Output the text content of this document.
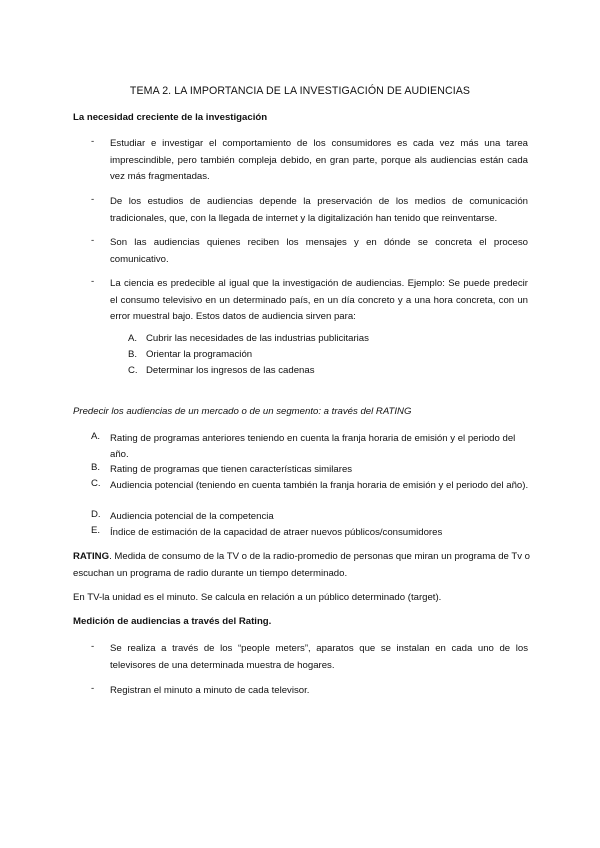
TEMA 2. LA IMPORTANCIA DE LA INVESTIGACIÓN DE AUDIENCIAS
La necesidad creciente de la investigación
- Estudiar e investigar el comportamiento de los consumidores es cada vez más una tarea imprescindible, pero también compleja debido, en gran parte, porque als audiencias están cada vez más fragmentadas.
- De los estudios de audiencias depende la preservación de los medios de comunicación tradicionales, que, con la llegada de internet y la digitalización han tenido que reinventarse.
- Son las audiencias quienes reciben los mensajes y en dónde se concreta el proceso comunicativo.
- La ciencia es predecible al igual que la investigación de audiencias. Ejemplo: Se puede predecir el consumo televisivo en un determinado país, en un día concreto y a una hora concreta, con un error muestral bajo. Estos datos de audiencia sirven para:
A. Cubrir las necesidades de las industrias publicitarias
B. Orientar la programación
C. Determinar los ingresos de las cadenas
Predecir los audiencias de un mercado o de un segmento: a través del RATING
A. Rating de programas anteriores teniendo en cuenta la franja horaria de emisión y el periodo del año.
B. Rating de programas que tienen características similares
C. Audiencia potencial (teniendo en cuenta también la franja horaria de emisión y el periodo del año).
D. Audiencia potencial de la competencia
E. Índice de estimación de la capacidad de atraer nuevos públicos/consumidores
RATING. Medida de consumo de la TV o de la radio-promedio de personas que miran un programa de Tv o escuchan un programa de radio durante un tiempo determinado.
En TV-la unidad es el minuto. Se calcula en relación a un público determinado (target).
Medición de audiencias a través del Rating.
- Se realiza a través de los “people meters”, aparatos que se instalan en cada uno de los televisores de una determinada muestra de hogares.
- Registran el minuto a minuto de cada televisor.
